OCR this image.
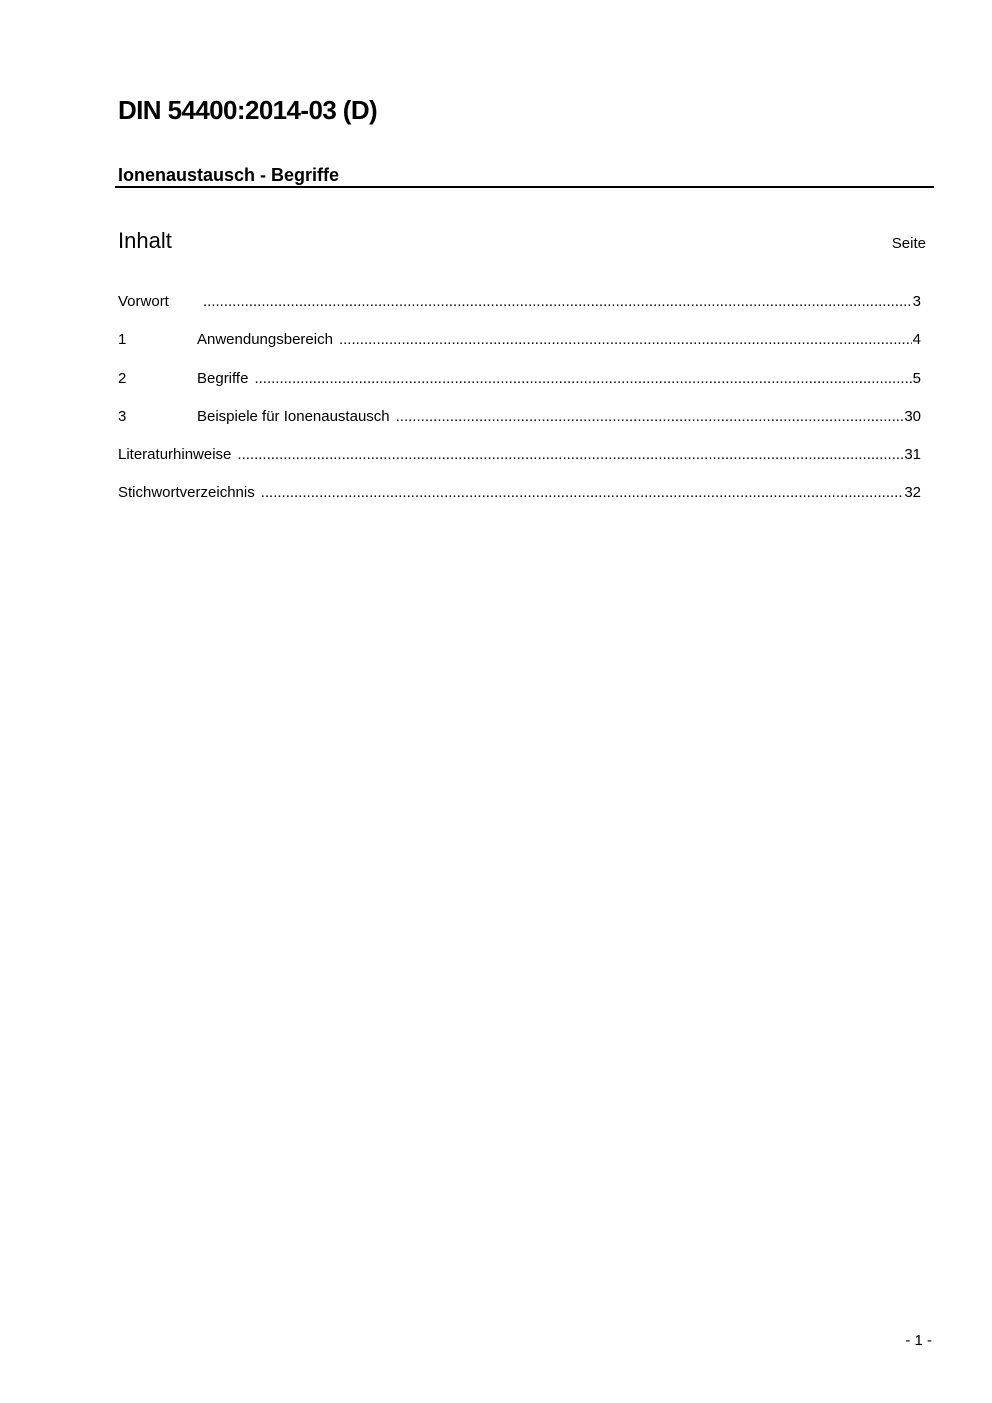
DIN 54400:2014-03 (D)
Ionenaustausch - Begriffe
Inhalt	Seite
Vorwort .....	3
1	Anwendungsbereich .....	4
2	Begriffe .....	5
3	Beispiele für Ionenaustausch .....	30
Literaturhinweise .....	31
Stichwortverzeichnis .....	32
- 1 -
